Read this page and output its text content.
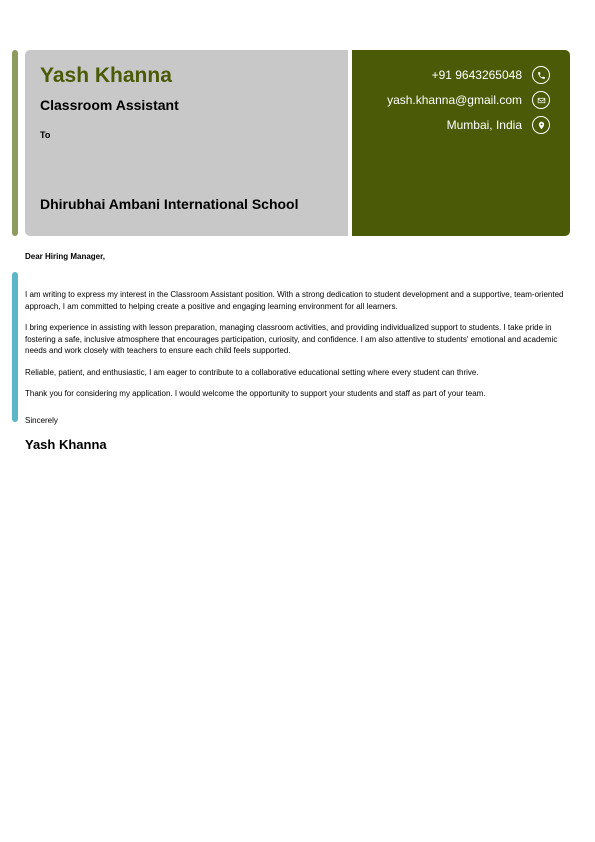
Yash Khanna
Classroom Assistant
To
Dhirubhai Ambani International School
+91 9643265048
yash.khanna@gmail.com
Mumbai, India

Dear Hiring Manager,

I am writing to express my interest in the Classroom Assistant position. With a strong dedication to student development and a supportive, team-oriented approach, I am committed to helping create a positive and engaging learning environment for all learners.

I bring experience in assisting with lesson preparation, managing classroom activities, and providing individualized support to students. I take pride in fostering a safe, inclusive atmosphere that encourages participation, curiosity, and confidence. I am also attentive to students' emotional and academic needs and work closely with teachers to ensure each child feels supported.

Reliable, patient, and enthusiastic, I am eager to contribute to a collaborative educational setting where every student can thrive.

Thank you for considering my application. I would welcome the opportunity to support your students and staff as part of your team.

Sincerely

Yash Khanna
